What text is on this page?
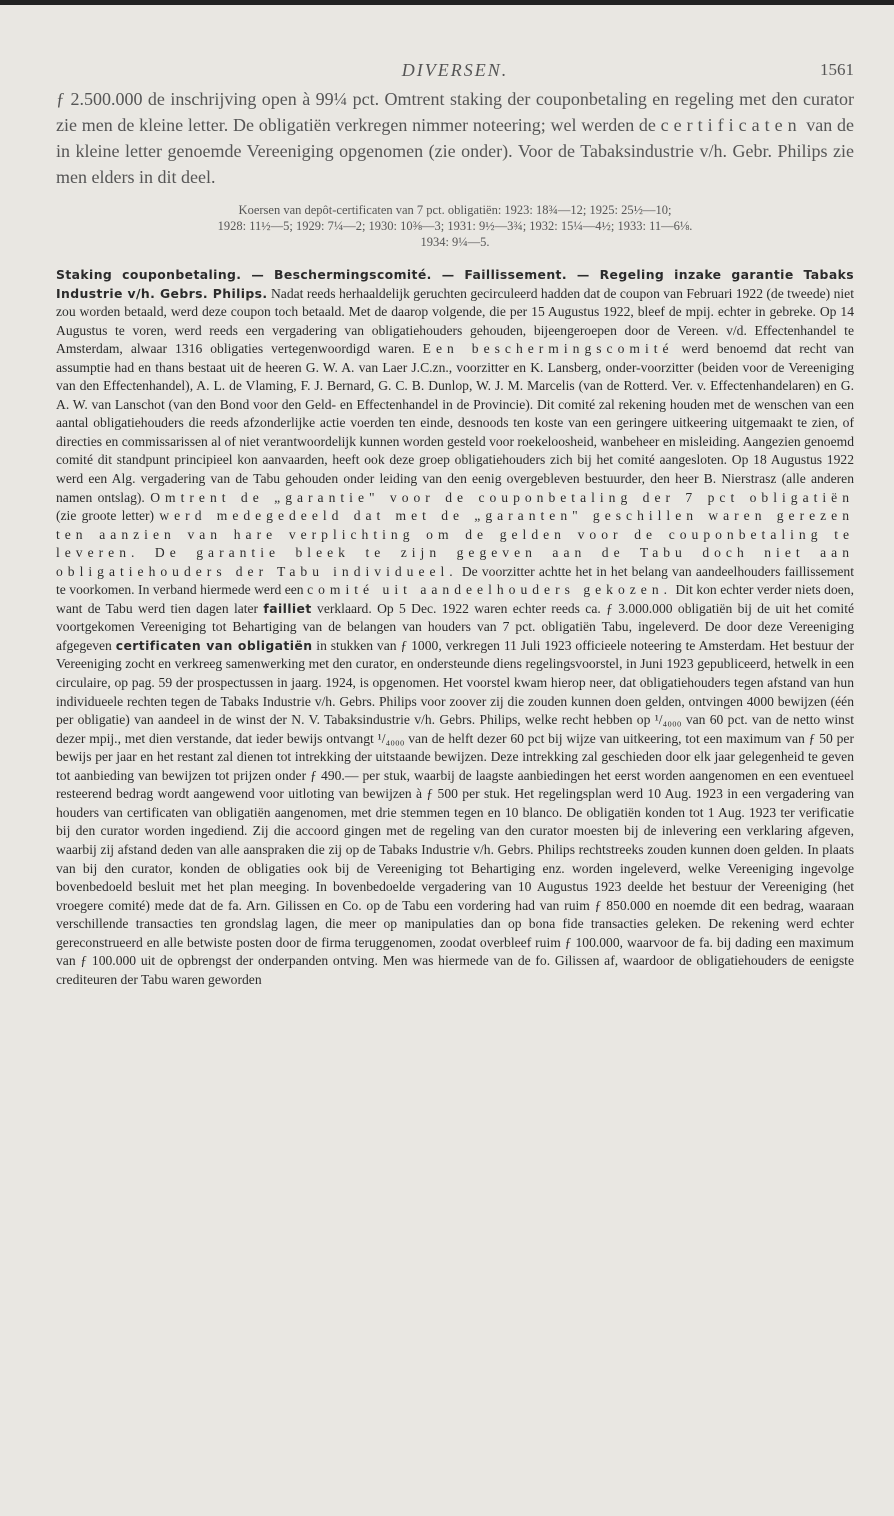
DIVERSEN.	1561

ƒ 2.500.000 de inschrijving open à 99¼ pct. Omtrent staking der couponbetaling en regeling met den curator zie men de kleine letter. De obligatiën verkregen nimmer noteering; wel werden de certificaten van de in kleine letter genoemde Vereeniging opgenomen (zie onder). Voor de Tabaksindustrie v/h. Gebr. Philips zie men elders in dit deel.

Koersen van depôt-certificaten van 7 pct. obligatiën: 1923: 18¾—12; 1925: 25½—10;
1928: 11½—5; 1929: 7¼—2; 1930: 10⅜—3; 1931: 9½—3¾; 1932: 15¼—4½; 1933: 11—6⅛.
1934: 9¼—5.

Staking couponbetaling. — Beschermingscomité. — Faillissement. — Regeling inzake garantie Tabaks Industrie v/h. Gebrs. Philips. Nadat reeds herhaaldelijk geruchten gecirculeerd hadden dat de coupon van Februari 1922 (de tweede) niet zou worden betaald, werd deze coupon toch betaald. Met de daarop volgende, die per 15 Augustus 1922, bleef de mpij. echter in gebreke. Op 14 Augustus te voren, werd reeds een vergadering van obligatiehouders gehouden, bijeengeroepen door de Vereen. v/d. Effectenhandel te Amsterdam, alwaar 1316 obligaties vertegenwoordigd waren. Een beschermingscomité werd benoemd dat recht van assumptie had en thans bestaat uit de heeren G. W. A. van Laer J.C.zn., voorzitter en K. Lansberg, onder-voorzitter (beiden voor de Vereeniging van den Effectenhandel), A. L. de Vlaming, F. J. Bernard, G. C. B. Dunlop, W. J. M. Marcelis (van de Rotterd. Ver. v. Effectenhandelaren) en G. A. W. van Lanschot (van den Bond voor den Geld- en Effectenhandel in de Provincie). Dit comité zal rekening houden met de wenschen van een aantal obligatiehouders die reeds afzonderlijke actie voerden ten einde, desnoods ten koste van een geringere uitkeering uitgemaakt te zien, of directies en commissarissen al of niet verantwoordelijk kunnen worden gesteld voor roekeloosheid, wanbeheer en misleiding. Aangezien genoemd comité dit standpunt principieel kon aanvaarden, heeft ook deze groep obligatiehouders zich bij het comité aangesloten. Op 18 Augustus 1922 werd een Alg. vergadering van de Tabu gehouden onder leiding van den eenig overgebleven bestuurder, den heer B. Nierstrasz (alle anderen namen ontslag). Omtrent de „garantie" voor de couponbetaling der 7 pct obligatiën (zie groote letter) werd medegedeeld dat met de „garanten" geschillen waren gerezen ten aanzien van hare verplichting om de gelden voor de couponbetaling te leveren. De garantie bleek te zijn gegeven aan de Tabu doch niet aan obligatiehouders der Tabu individueel. De voorzitter achtte het in het belang van aandeelhouders faillissement te voorkomen. In verband hiermede werd een comité uit aandeelhouders gekozen. Dit kon echter verder niets doen, want de Tabu werd tien dagen later failliet verklaard. Op 5 Dec. 1922 waren echter reeds ca. ƒ 3.000.000 obligatiën bij de uit het comité voortgekomen Vereeniging tot Behartiging van de belangen van houders van 7 pct. obligatiën Tabu, ingeleverd. De door deze Vereeniging afgegeven certificaten van obligatiën in stukken van ƒ 1000, verkregen 11 Juli 1923 officieele noteering te Amsterdam. Het bestuur der Vereeniging zocht en verkreeg samenwerking met den curator, en ondersteunde diens regelingsvoorstel, in Juni 1923 gepubliceerd, hetwelk in een circulaire, op pag. 59 der prospectussen in jaarg. 1924, is opgenomen. Het voorstel kwam hierop neer, dat obligatiehouders tegen afstand van hun individueele rechten tegen de Tabaks Industrie v/h. Gebrs. Philips voor zoover zij die zouden kunnen doen gelden, ontvingen 4000 bewijzen (één per obligatie) van aandeel in de winst der N. V. Tabaksindustrie v/h. Gebrs. Philips, welke recht hebben op ¹/₄₀₀₀ van 60 pct. van de netto winst dezer mpij., met dien verstande, dat ieder bewijs ontvangt ¹/₄₀₀₀ van de helft dezer 60 pct bij wijze van uitkeering, tot een maximum van ƒ 50 per bewijs per jaar en het restant zal dienen tot intrekking der uitstaande bewijzen. Deze intrekking zal geschieden door elk jaar gelegenheid te geven tot aanbieding van bewijzen tot prijzen onder ƒ 490.— per stuk, waarbij de laagste aanbiedingen het eerst worden aangenomen en een eventueel resteerend bedrag wordt aangewend voor uitloting van bewijzen à ƒ 500 per stuk. Het regelingsplan werd 10 Aug. 1923 in een vergadering van houders van certificaten van obligatiën aangenomen, met drie stemmen tegen en 10 blanco. De obligatiën konden tot 1 Aug. 1923 ter verificatie bij den curator worden ingediend. Zij die accoord gingen met de regeling van den curator moesten bij de inlevering een verklaring afgeven, waarbij zij afstand deden van alle aanspraken die zij op de Tabaks Industrie v/h. Gebrs. Philips rechtstreeks zouden kunnen doen gelden. In plaats van bij den curator, konden de obligaties ook bij de Vereeniging tot Behartiging enz. worden ingeleverd, welke Vereeniging ingevolge bovenbedoeld besluit met het plan meeging. In bovenbedoelde vergadering van 10 Augustus 1923 deelde het bestuur der Vereeniging (het vroegere comité) mede dat de fa. Arn. Gilissen en Co. op de Tabu een vordering had van ruim ƒ 850.000 en noemde dit een bedrag, waaraan verschillende transacties ten grondslag lagen, die meer op manipulaties dan op bona fide transacties geleken. De rekening werd echter gereconstrueerd en alle betwiste posten door de firma teruggenomen, zoodat overbleef ruim ƒ 100.000, waarvoor de fa. bij dading een maximum van ƒ 100.000 uit de opbrengst der onderpanden ontving. Men was hiermede van de fo. Gilissen af, waardoor de obligatiehouders de eenigste crediteuren der Tabu waren geworden
